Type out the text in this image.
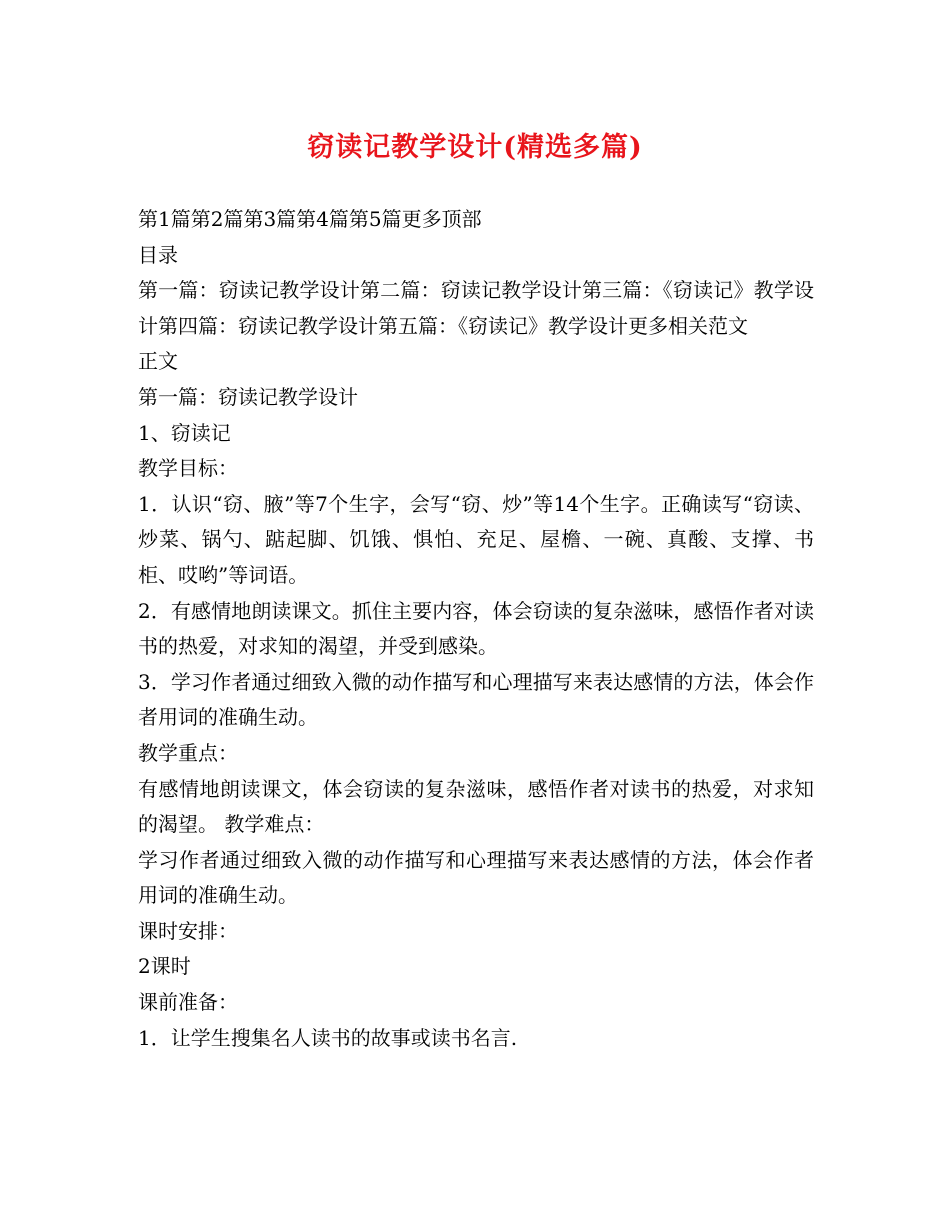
窃读记教学设计(精选多篇)

第1篇第2篇第3篇第4篇第5篇更多顶部

目录

第一篇：窃读记教学设计第二篇：窃读记教学设计第三篇：《窃读记》教学设计第四篇：窃读记教学设计第五篇：《窃读记》教学设计更多相关范文

正文

第一篇：窃读记教学设计

1、窃读记

教学目标：

1．认识“窃、腋”等7个生字，会写“窃、炒”等14个生字。正确读写“窃读、炒菜、锅勺、踮起脚、饥饿、惧怕、充足、屋檐、一碗、真酸、支撑、书柜、哎哟”等词语。

2．有感情地朗读课文。抓住主要内容，体会窃读的复杂滋味，感悟作者对读书的热爱，对求知的渴望，并受到感染。

3．学习作者通过细致入微的动作描写和心理描写来表达感情的方法，体会作者用词的准确生动。

教学重点：

有感情地朗读课文，体会窃读的复杂滋味，感悟作者对读书的热爱，对求知的渴望。 教学难点：

学习作者通过细致入微的动作描写和心理描写来表达感情的方法，体会作者用词的准确生动。

课时安排：

2课时

课前准备：

1．让学生搜集名人读书的故事或读书名言.
